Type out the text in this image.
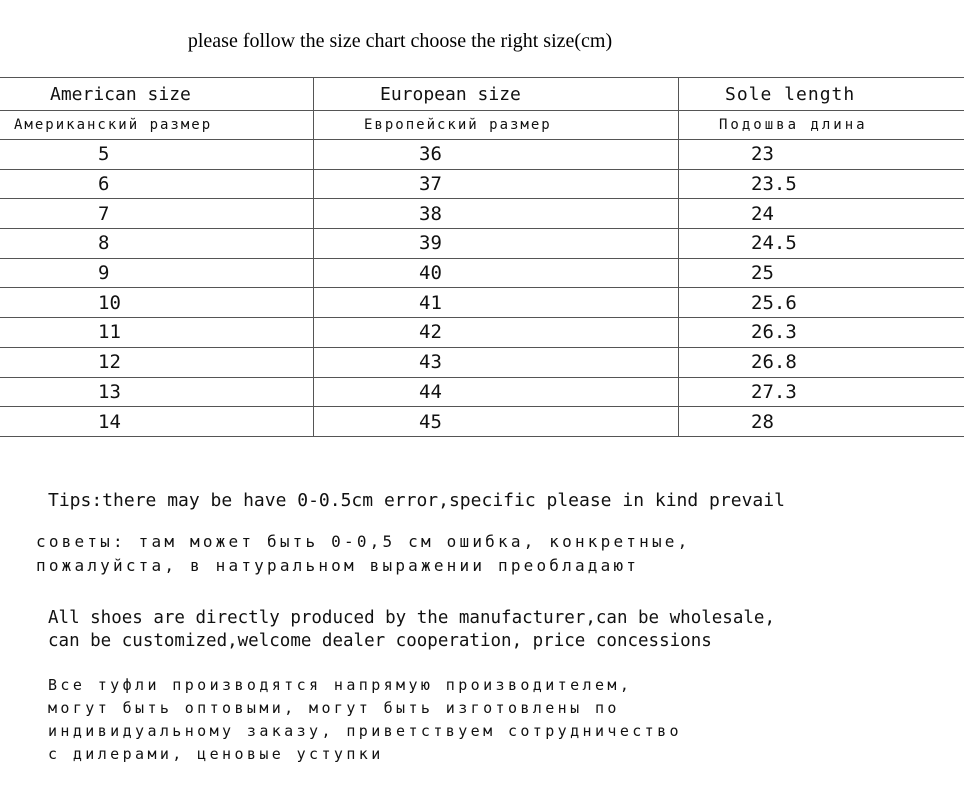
please follow the size chart choose the right size(cm)
American size	European size	Sole length
Американский размер	Европейский размер	Подошва длина
5	36	23
6	37	23.5
7	38	24
8	39	24.5
9	40	25
10	41	25.6
11	42	26.3
12	43	26.8
13	44	27.3
14	45	28
Tips:there may be have 0-0.5cm error,specific please in kind prevail
советы: там может быть 0-0,5 см ошибка, конкретные,
пожалуйста, в натуральном выражении преобладают
All shoes are directly produced by the manufacturer,can be wholesale,
can be customized,welcome dealer cooperation, price concessions
Все туфли производятся напрямую производителем,
могут быть оптовыми, могут быть изготовлены по
индивидуальному заказу, приветствуем сотрудничество
с дилерами, ценовые уступки
